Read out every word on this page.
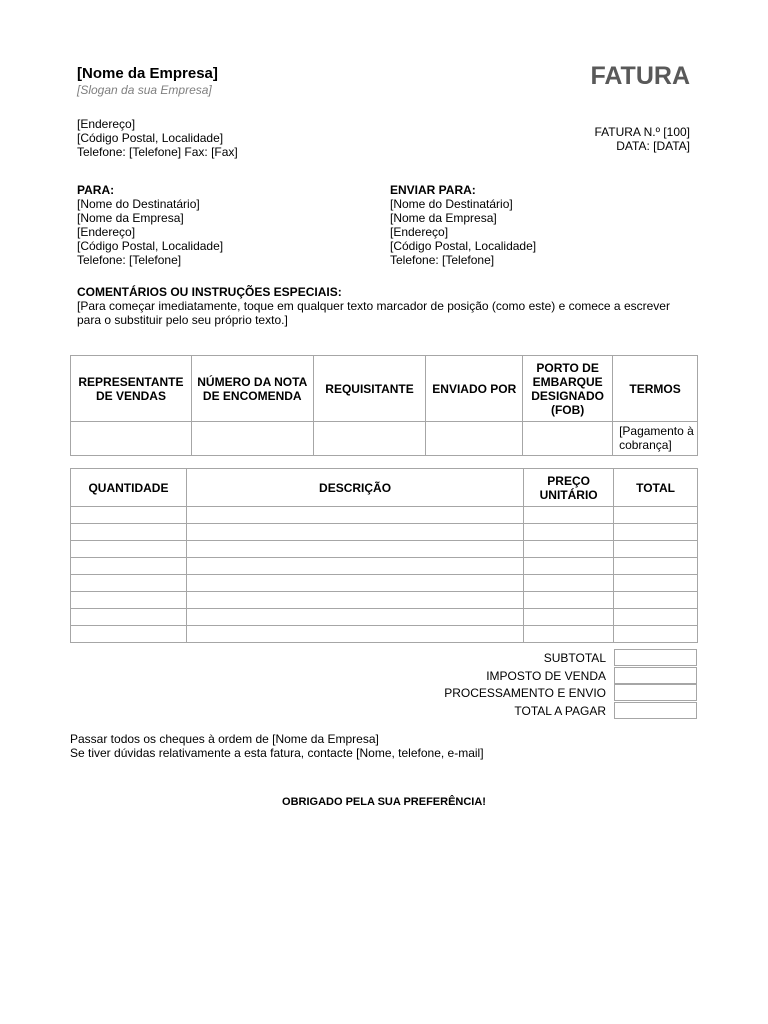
[Nome da Empresa]
[Slogan da sua Empresa]	FATURA
[Endereço]
[Código Postal, Localidade]
Telefone: [Telefone] Fax: [Fax]
FATURA N.º [100]
DATA: [DATA]
PARA:
[Nome do Destinatário]
[Nome da Empresa]
[Endereço]
[Código Postal, Localidade]
Telefone: [Telefone]
ENVIAR PARA:
[Nome do Destinatário]
[Nome da Empresa]
[Endereço]
[Código Postal, Localidade]
Telefone: [Telefone]
COMENTÁRIOS OU INSTRUÇÕES ESPECIAIS:
[Para começar imediatamente, toque em qualquer texto marcador de posição (como este) e comece a escrever para o substituir pelo seu próprio texto.]
REPRESENTANTE DE VENDAS	NÚMERO DA NOTA DE ENCOMENDA	REQUISITANTE	ENVIADO POR	PORTO DE EMBARQUE DESIGNADO (FOB)	TERMOS
					[Pagamento à cobrança]
QUANTIDADE	DESCRIÇÃO	PREÇO UNITÁRIO	TOTAL

SUBTOTAL
IMPOSTO DE VENDA
PROCESSAMENTO E ENVIO
TOTAL A PAGAR
Passar todos os cheques à ordem de [Nome da Empresa]
Se tiver dúvidas relativamente a esta fatura, contacte [Nome, telefone, e-mail]
OBRIGADO PELA SUA PREFERÊNCIA!
